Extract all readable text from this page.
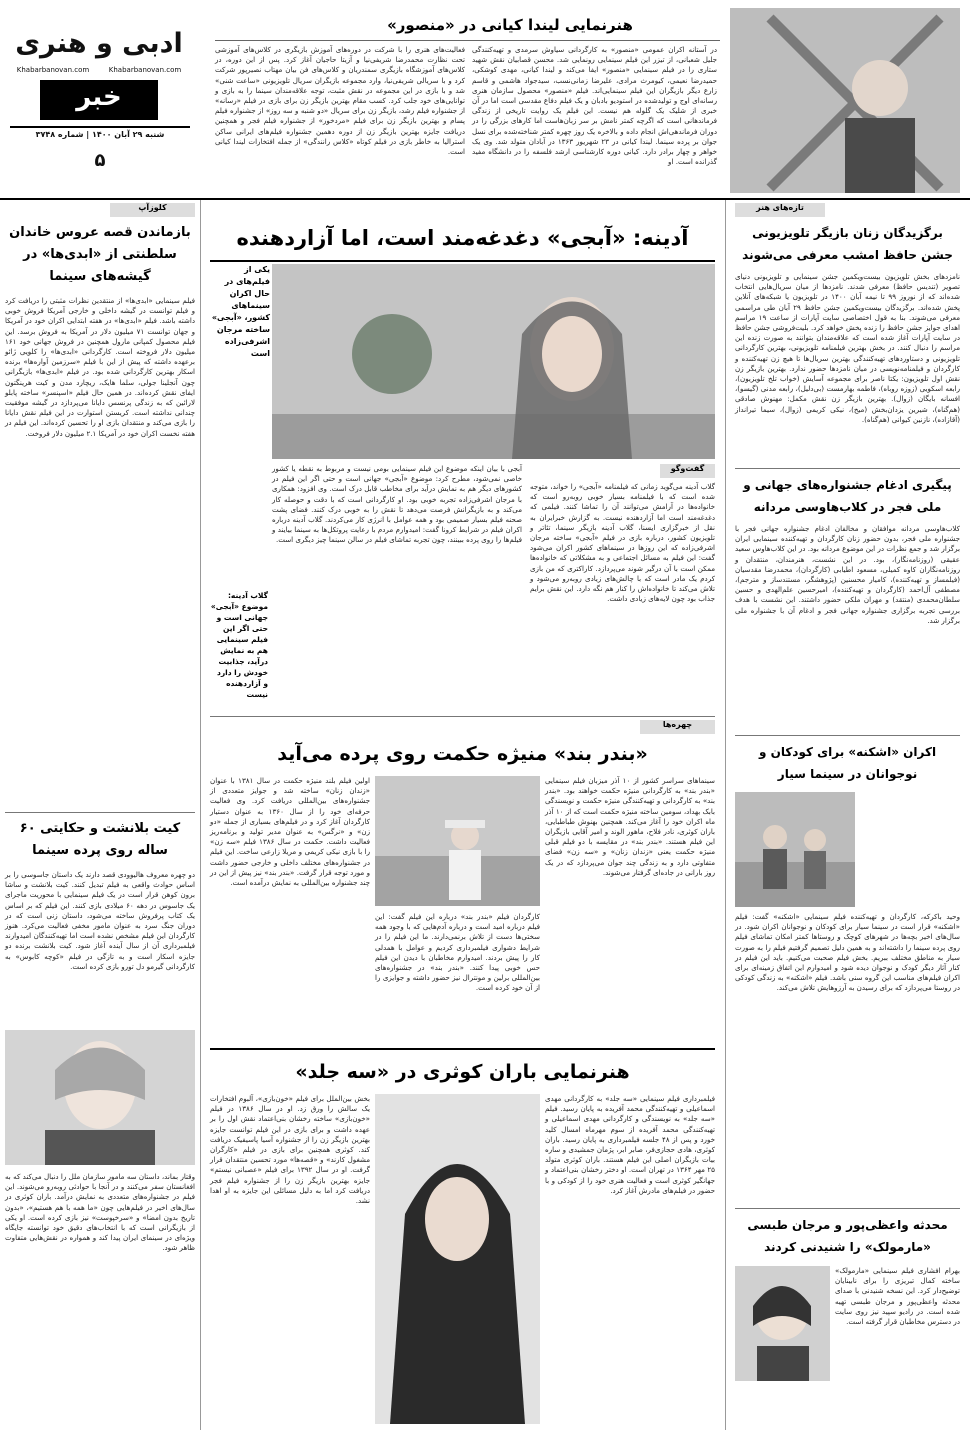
ادبی و هنری
Khabarbanovan.com	Khabarbanovan.com
خبر
شنبه ۲۹ آبان ۱۴۰۰ | شماره ۳۷۴۸
۵
هنرنمایی لیندا کیانی در «منصور»
در آستانه اکران عمومی «منصور» به کارگردانی سیاوش سرمدی و تهیه‌کنندگی جلیل شعبانی، از تیزر این فیلم سینمایی رونمایی شد. محسن قصابیان نقش شهید ستاری را در فیلم سینمایی «منصور» ایفا می‌کند و لیندا کیانی، مهدی کوشکی، حمیدرضا نعیمی، کیومرث مرادی، علیرضا زمانی‌نسب، سیدجواد هاشمی و قاسم زارع دیگر بازیگران این فیلم سینمایی‌اند. فیلم «منصور» محصول سازمان هنری رسانه‌ای اوج و تولیدشده در استودیو بادبان و یک فیلم دفاع مقدسی است اما در آن خبری از شلیک یک گلوله هم نیست. این فیلم یک روایت تاریخی از زندگی فرماندهانی است که اگرچه کمتر نامش بر سر زبان‌هاست اما کارهای بزرگی را در دوران فرماندهی‌اش انجام داده و بالاخره یک روز چهره کمتر شناخته‌شده برای نسل جوان بر پرده سینما. لیندا کیانی در ۲۳ شهریور ۱۳۶۳ در آبادان متولد شد. وی یک خواهر و چهار برادر دارد. کیانی دوره کارشناسی ارشد فلسفه را در دانشگاه مفید گذرانده است. او
فعالیت‌های هنری را با شرکت در دوره‌های آموزش بازیگری در کلاس‌های آموزشی تحت نظارت محمدرضا شریفی‌نیا و آزیتا حاجیان آغاز کرد. پس از این دوره، در کلاس‌های آموزشگاه بازیگری سمندریان و کلاس‌های فن بیان مهتاب نصیرپور شرکت کرد و با سریالی شریفی‌نیا، وارد مجموعه بازیگران سریال تلویزیونی «ساعت شنی» شد و با بازی در این مجموعه در نقش مثبت، توجه علاقه‌مندان سینما را به بازی و توانایی‌های خود جلب کرد. کسب مقام بهترین بازیگر زن برای بازی در فیلم «رسانه» از جشنواره فیلم رشد، بازیگر زن برای سریال «دو شنبه و سه روز» از جشنواره فیلم پسام و بهترین بازیگر زن برای فیلم «مردخور» از جشنواره فیلم فجر و همچنین دریافت جایزه بهترین بازیگر زن از دوره دهمین جشنواره فیلم‌های ایرانی ساکن استرالیا به خاطر بازی در فیلم کوتاه «کلاس رانندگی» از جمله افتخارات لیندا کیانی است.
کلوزآپ
بازماندن قصه عروس خاندان سلطنتی از «ابدی‌ها» در گیشه‌های سینما
فیلم سینمایی «ابدی‌ها» از منتقدین نظرات مثبتی را دریافت کرد و فیلم توانست در گیشه داخلی و خارجی آمریکا فروش خوبی داشته باشد. فیلم «ابدی‌ها» در هفته ابتدایی اکران خود در آمریکا و جهان توانست ۷۱ میلیون دلار در آمریکا به فروش برسد. این فیلم محصول کمپانی مارول همچنین در فروش جهانی خود ۱۶۱ میلیون دلار فروخته است. کارگردانی «ابدی‌ها» را کلویی ژائو برعهده داشته که پیش از این با فیلم «سرزمین آواره‌ها» برنده اسکار بهترین کارگردانی شده بود. در فیلم «ابدی‌ها» بازیگرانی چون آنجلینا جولی، سلما هایک، ریچارد مدن و کیت هرینگتون ایفای نقش کرده‌اند. در همین حال فیلم «اسپنسر» ساخته پابلو لارائین که به زندگی پرنسس دایانا می‌پردازد در گیشه موفقیت چندانی نداشته است. کریستن استوارت در این فیلم نقش دایانا را بازی می‌کند و منتقدان بازی او را تحسین کرده‌اند. این فیلم در هفته نخست اکران خود در آمریکا ۲.۱ میلیون دلار فروخت.
کیت بلانشت و حکایتی ۶۰ ساله روی پرده سینما
دو چهره معروف هالیوودی قصد دارند یک داستان جاسوسی را بر اساس حوادث واقعی به فیلم تبدیل کنند. کیت بلانشت و ساشا برون کوهن قرار است در یک فیلم سینمایی با محوریت ماجرای یک جاسوس در دهه ۶۰ میلادی بازی کنند. این فیلم که بر اساس یک کتاب پرفروش ساخته می‌شود، داستان زنی است که در دوران جنگ سرد به عنوان مامور مخفی فعالیت می‌کرد. هنوز کارگردان این فیلم مشخص نشده است اما تهیه‌کنندگان امیدوارند فیلمبرداری آن از سال آینده آغاز شود. کیت بلانشت برنده دو جایزه اسکار است و به تازگی در فیلم «کوچه کابوس» به کارگردانی گیرمو دل تورو بازی کرده است.
وقتار بماند، داستان سه مامور سازمان ملل را دنبال می‌کند که به افغانستان سفر می‌کنند و در آنجا با حوادثی روبه‌رو می‌شوند. این فیلم در جشنواره‌های متعددی به نمایش درآمد. باران کوثری در سال‌های اخیر در فیلم‌هایی چون «ما همه با هم هستیم»، «بدون تاریخ بدون امضا» و «سرخپوست» نیز بازی کرده است. او یکی از بازیگرانی است که با انتخاب‌های دقیق خود توانسته جایگاه ویژه‌ای در سینمای ایران پیدا کند و همواره در نقش‌هایی متفاوت ظاهر شود.
تازه‌های هنر
برگزیدگان زنان بازیگر تلویزیونی جشن حافظ امشب معرفی می‌شوند
نامزدهای بخش تلویزیون بیست‌ویکمین جشن سینمایی و تلویزیونی دنیای تصویر (تندیس حافظ) معرفی شدند. نامزدها از میان سریال‌هایی انتخاب شده‌اند که از نوروز ۹۹ تا نیمه آبان ۱۴۰۰ در تلویزیون یا شبکه‌های آنلاین پخش شده‌اند. برگزیدگان بیست‌ویکمین جشن حافظ ۲۹ آبان طی مراسمی معرفی می‌شوند. بنا به قول اختصاصی سایت آپارات از ساعت ۱۹ مراسم اهدای جوایز جشن حافظ را زنده پخش خواهد کرد. بلیت‌فروشی جشن حافظ در سایت آپارات آغاز شده است که علاقه‌مندان بتوانند به صورت زنده این مراسم را دنبال کنند. در بخش بهترین فیلمنامه تلویزیونی، بهترین کارگردانی تلویزیونی و دستاوردهای تهیه‌کنندگی بهترین سریال‌ها تا هیچ زن تهیه‌کننده و کارگردان و فیلمنامه‌نویسی در میان نامزدها حضور ندارد. بهترین بازیگر زن نقش اول تلویزیون: یکتا ناصر برای مجموعه آسایش (خواب تلخ تلویزیون)، رابعه اسکویی (زوزه روباه)، فاطمه بهارمست (بی‌دلیل)، رابعه مدنی (گیسو)، افسانه بایگان (زوال). بهترین بازیگر زن نقش مکمل: مهنوش صادقی (هم‌گناه)، شیرین یزدان‌بخش (میخ)، نیکی کریمی (زوال)، سیما تیرانداز (آقازاده)، نازنین کیوانی (هم‌گناه).
پیگیری ادغام جشنواره‌های جهانی و ملی فجر در کلاب‌هاوسی مردانه
کلاب‌هاوسی مردانه موافقان و مخالفان ادغام جشنواره جهانی فجر با جشنواره ملی فجر، بدون حضور زنان کارگردان و تهیه‌کننده سینمایی ایران برگزار شد و جمع نظرات در این موضوع مردانه بود. در این کلاب‌هاوس سعید عقیقی (روزنامه‌نگار)، بود. در این نشست، هنرمندان، منتقدان و روزنامه‌نگاران کاوه کمیلی، مسعود اطیابی (کارگردان)، محمدرضا مقدسیان (فیلمساز و تهیه‌کننده)، کامیار محسنین (پژوهشگر، مستندساز و مترجم)، مصطفی آل‌احمد (کارگردان و تهیه‌کننده)، امیرحسین علم‌الهدی و حسین سلطان‌محمدی (منتقد) و مهران ملکی حضور داشتند. این نشست با هدف بررسی تجربه برگزاری جشنواره جهانی فجر و ادغام آن با جشنواره ملی برگزار شد.
اکران «اشکنه» برای کودکان و نوجوانان در سینما سیار
وحید باکرکه، کارگردان و تهیه‌کننده فیلم سینمایی «اشکنه» گفت: فیلم «اشکنه» قرار است در سینما سیار برای کودکان و نوجوانان اکران شود. در سال‌های اخیر بچه‌ها در شهرهای کوچک و روستاها کمتر امکان تماشای فیلم روی پرده سینما را داشته‌اند و به همین دلیل تصمیم گرفتیم فیلم را به صورت سیار به مناطق مختلف ببریم. بخش فیلم صحبت می‌کنیم. باید این فیلم در کنار آثار دیگر کودک و نوجوان دیده شود و امیدوارم این اتفاق زمینه‌ای برای اکران فیلم‌های مناسب این گروه سنی باشد. فیلم «اشکنه» به زندگی کودکی در روستا می‌پردازد که برای رسیدن به آرزوهایش تلاش می‌کند.
محدثه واعظی‌پور و مرجان طبسی «مارمولک» را شنیدنی کردند
بهرام افشاری فیلم سینمایی «مارمولک» ساخته کمال تبریزی را برای نابینایان توضیح‌دار کرد. این نسخه شنیدنی با صدای محدثه واعظی‌پور و مرجان طبسی تهیه شده است. در رادیو سپید نیز روی سایت در دسترس مخاطبان قرار گرفته است.
آدینه: «آبجی» دغدغه‌مند است، اما آزاردهنده
یکی از فیلم‌های در حال اکران سینماهای کشور، «آبجی» ساخته مرجان اشرفی‌زاده است
گفت‌وگو
گلاب آدینه می‌گوید زمانی که فیلمنامه «آبجی» را خواند، متوجه شده است که با فیلمنامه بسیار خوبی روبه‌رو است که خانواده‌ها در آرامش می‌توانند آن را تماشا کنند. فیلمی که دغدغه‌مند است اما آزاردهنده نیست. به گزارش خبرایران به نقل از خبرگزاری ایسنا، گلاب آدینه بازیگر سینما، تئاتر و تلویزیون کشور، درباره بازی در فیلم «آبجی» ساخته مرجان اشرفی‌زاده که این روزها در سینماهای کشور اکران می‌شود گفت: این فیلم به مسائل اجتماعی و به مشکلاتی که خانواده‌ها ممکن است با آن درگیر شوند می‌پردازد. کاراکتری که من بازی کردم یک مادر است که با چالش‌های زیادی روبه‌رو می‌شود و تلاش می‌کند تا خانواده‌اش را کنار هم نگه دارد. این نقش برایم جذاب بود چون لایه‌های زیادی داشت.
آبجی با بیان اینکه موضوع این فیلم سینمایی بومی نیست و مربوط به نقطه یا کشور خاصی نمی‌شود، مطرح کرد: موضوع «آبجی» جهانی است و حتی اگر این فیلم در کشورهای دیگر هم به نمایش درآید برای مخاطب قابل درک است. وی افزود: همکاری با مرجان اشرفی‌زاده تجربه خوبی بود. او کارگردانی است که با دقت و حوصله کار می‌کند و به بازیگرانش فرصت می‌دهد تا نقش را به خوبی درک کنند. فضای پشت صحنه فیلم بسیار صمیمی بود و همه عوامل با انرژی کار می‌کردند. گلاب آدینه درباره اکران فیلم در شرایط کرونا گفت: امیدوارم مردم با رعایت پروتکل‌ها به سینما بیایند و فیلم‌ها را روی پرده ببینند، چون تجربه تماشای فیلم در سالن سینما چیز دیگری است.
گلاب آدینه: موضوع «آبجی» جهانی است و حتی اگر این فیلم سینمایی هم به نمایش درآید، جذابیت خودش را دارد و آزاردهنده نیست
چهره‌ها
«بندر بند» منیژه حکمت روی پرده می‌آید
سینماهای سراسر کشور از ۱۰ آذر میزبان فیلم سینمایی «بندر بند» به کارگردانی منیژه حکمت خواهند بود. «بندر بند» به کارگردانی و تهیه‌کنندگی منیژه حکمت و نویسندگی بابک بهداد، سومین ساخته منیژه حکمت است که از ۱۰ آذر ماه اکران خود را آغاز می‌کند. همچنین بهنوش طباطبایی، باران کوثری، نادر فلاح، ماهور الوند و امیر آقایی بازیگران این فیلم هستند. «بندر بند» در مقایسه با دو فیلم قبلی منیژه حکمت یعنی «زندان زنان» و «سه زن» فضای متفاوتی دارد و به زندگی چند جوان می‌پردازد که در یک روز بارانی در جاده‌ای گرفتار می‌شوند.
اولین فیلم بلند منیژه حکمت در سال ۱۳۸۱ با عنوان «زندان زنان» ساخته شد و جوایز متعددی از جشنواره‌های بین‌المللی دریافت کرد. وی فعالیت حرفه‌ای خود را از سال ۱۳۶۰ به عنوان دستیار کارگردان آغاز کرد و در فیلم‌های بسیاری از جمله «دو زن» و «نرگس» به عنوان مدیر تولید و برنامه‌ریز فعالیت داشت. حکمت در سال ۱۳۸۶ فیلم «سه زن» را با بازی نیکی کریمی و مریلا زارعی ساخت. این فیلم در جشنواره‌های مختلف داخلی و خارجی حضور داشت و مورد توجه قرار گرفت. «بندر بند» نیز پیش از این در چند جشنواره بین‌المللی به نمایش درآمده است.
کارگردان فیلم «بندر بند» درباره این فیلم گفت: این فیلم درباره امید است و درباره آدم‌هایی که با وجود همه سختی‌ها دست از تلاش برنمی‌دارند. ما این فیلم را در شرایط دشواری فیلمبرداری کردیم و عوامل با همدلی کار را پیش بردند. امیدوارم مخاطبان با دیدن این فیلم حس خوبی پیدا کنند. «بندر بند» در جشنواره‌های بین‌المللی برلین و مونترال نیز حضور داشته و جوایزی را از آن خود کرده است.
هنرنمایی باران کوثری در «سه جلد»
فیلمبرداری فیلم سینمایی «سه جلد» به کارگردانی مهدی اسماعیلی و تهیه‌کنندگی محمد آفریده به پایان رسید. فیلم «سه جلد» به نویسندگی و کارگردانی مهدی اسماعیلی و تهیه‌کنندگی محمد آفریده از سوم مهرماه امسال کلید خورد و پس از ۴۸ جلسه فیلمبرداری به پایان رسید. باران کوثری، هادی حجازی‌فر، صابر ابر، پژمان جمشیدی و ساره بیات بازیگران اصلی این فیلم هستند. باران کوثری متولد ۲۵ مهر ۱۳۶۴ در تهران است. او دختر رخشان بنی‌اعتماد و جهانگیر کوثری است و فعالیت هنری خود را از کودکی و با حضور در فیلم‌های مادرش آغاز کرد.
بخش بین‌الملل برای فیلم «خون‌بازی»، آلبوم افتخارات یک سالش را ورق زد. او در سال ۱۳۸۶ در فیلم «خون‌بازی» ساخته رخشان بنی‌اعتماد نقش اول را بر عهده داشت و برای بازی در این فیلم توانست جایزه بهترین بازیگر زن را از جشنواره آسیا پاسیفیک دریافت کند. کوثری همچنین برای بازی در فیلم «کارگران مشغول کارند» و «قصه‌ها» مورد تحسین منتقدان قرار گرفت. او در سال ۱۳۹۲ برای فیلم «عصبانی نیستم» جایزه بهترین بازیگر زن را از جشنواره فیلم فجر دریافت کرد اما به دلیل مسائلی این جایزه به او اهدا نشد.
